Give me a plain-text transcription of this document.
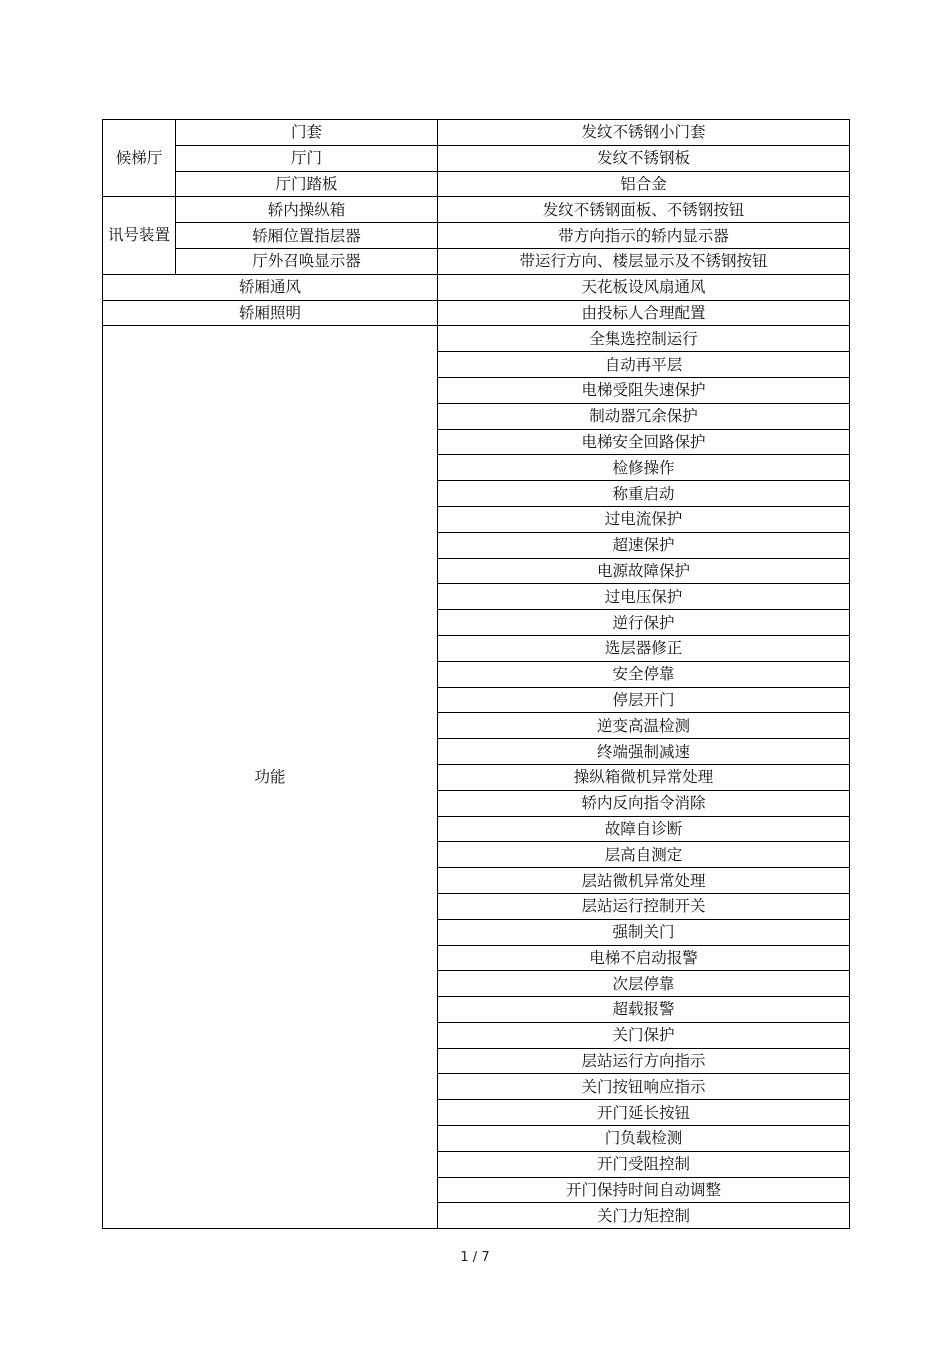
候梯厅	门套	发纹不锈钢小门套
	厅门	发纹不锈钢板
	厅门踏板	铝合金
讯号装置	轿内操纵箱	发纹不锈钢面板、不锈钢按钮
	轿厢位置指层器	带方向指示的轿内显示器
	厅外召唤显示器	带运行方向、楼层显示及不锈钢按钮
轿厢通风		天花板设风扇通风
轿厢照明		由投标人合理配置
功能		全集选控制运行
		自动再平层
		电梯受阻失速保护
		制动器冗余保护
		电梯安全回路保护
		检修操作
		称重启动
		过电流保护
		超速保护
		电源故障保护
		过电压保护
		逆行保护
		选层器修正
		安全停靠
		停层开门
		逆变高温检测
		终端强制减速
		操纵箱微机异常处理
		轿内反向指令消除
		故障自诊断
		层高自测定
		层站微机异常处理
		层站运行控制开关
		强制关门
		电梯不启动报警
		次层停靠
		超载报警
		关门保护
		层站运行方向指示
		关门按钮响应指示
		开门延长按钮
		门负载检测
		开门受阻控制
		开门保持时间自动调整
		关门力矩控制
1 / 7
